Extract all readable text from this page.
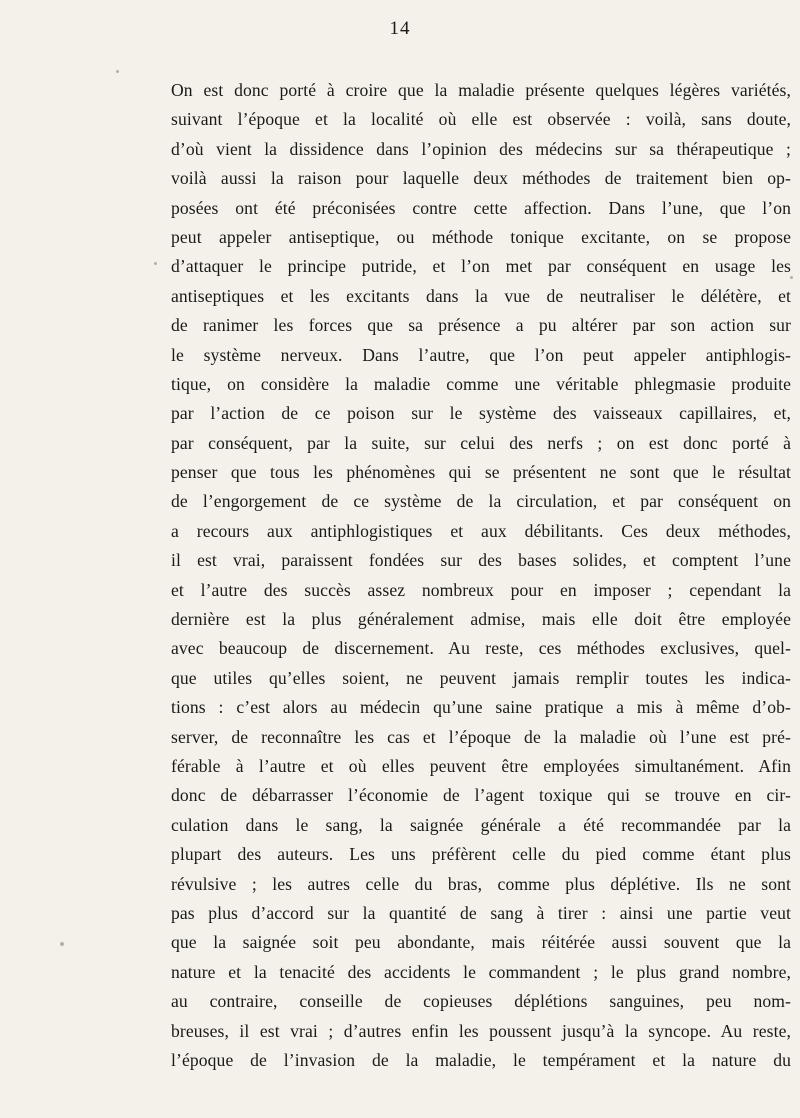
14
On est donc porté à croire que la maladie présente quelques légères variétés,
suivant l’époque et la localité où elle est observée : voilà, sans doute,
d’où vient la dissidence dans l’opinion des médecins sur sa thérapeutique ;
voilà aussi la raison pour laquelle deux méthodes de traitement bien op-
posées ont été préconisées contre cette affection. Dans l’une, que l’on
peut appeler antiseptique, ou méthode tonique excitante, on se propose
d’attaquer le principe putride, et l’on met par conséquent en usage les
antiseptiques et les excitants dans la vue de neutraliser le délétère, et
de ranimer les forces que sa présence a pu altérer par son action sur
le système nerveux. Dans l’autre, que l’on peut appeler antiphlogis-
tique, on considère la maladie comme une véritable phlegmasie produite
par l’action de ce poison sur le système des vaisseaux capillaires, et,
par conséquent, par la suite, sur celui des nerfs ; on est donc porté à
penser que tous les phénomènes qui se présentent ne sont que le résultat
de l’engorgement de ce système de la circulation, et par conséquent on
a recours aux antiphlogistiques et aux débilitants. Ces deux méthodes,
il est vrai, paraissent fondées sur des bases solides, et comptent l’une
et l’autre des succès assez nombreux pour en imposer ; cependant la
dernière est la plus généralement admise, mais elle doit être employée
avec beaucoup de discernement. Au reste, ces méthodes exclusives, quel-
que utiles qu’elles soient, ne peuvent jamais remplir toutes les indica-
tions : c’est alors au médecin qu’une saine pratique a mis à même d’ob-
server, de reconnaître les cas et l’époque de la maladie où l’une est pré-
férable à l’autre et où elles peuvent être employées simultanément. Afin
donc de débarrasser l’économie de l’agent toxique qui se trouve en cir-
culation dans le sang, la saignée générale a été recommandée par la
plupart des auteurs. Les uns préfèrent celle du pied comme étant plus
révulsive ; les autres celle du bras, comme plus déplétive. Ils ne sont
pas plus d’accord sur la quantité de sang à tirer : ainsi une partie veut
que la saignée soit peu abondante, mais réitérée aussi souvent que la
nature et la tenacité des accidents le commandent ; le plus grand nombre,
au contraire, conseille de copieuses déplétions sanguines, peu nom-
breuses, il est vrai ; d’autres enfin les poussent jusqu’à la syncope. Au reste,
l’époque de l’invasion de la maladie, le tempérament et la nature du
